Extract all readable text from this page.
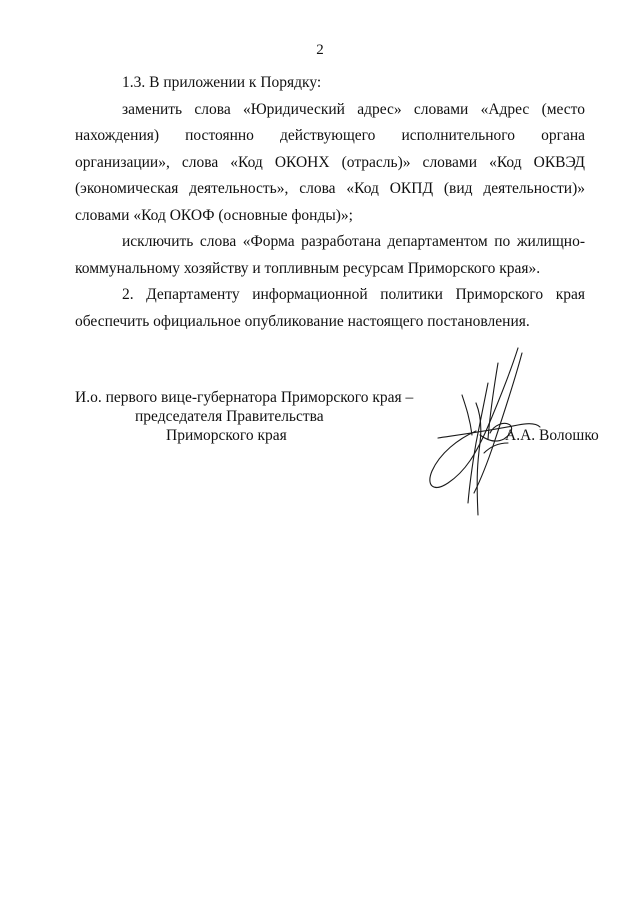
2

1.3. В приложении к Порядку:

заменить слова «Юридический адрес» словами «Адрес (место нахождения) постоянно действующего исполнительного органа организации», слова «Код ОКОНХ (отрасль)» словами «Код ОКВЭД (экономическая деятельность», слова «Код ОКПД (вид деятельности)» словами «Код ОКОФ (основные фонды)»;

исключить слова «Форма разработана департаментом по жилищно-коммунальному хозяйству и топливным ресурсам Приморского края».

2. Департаменту информационной политики Приморского края обеспечить официальное опубликование настоящего постановления.

И.о. первого вице-губернатора Приморского края –
председателя Правительства
Приморского края	А.А. Волошко
